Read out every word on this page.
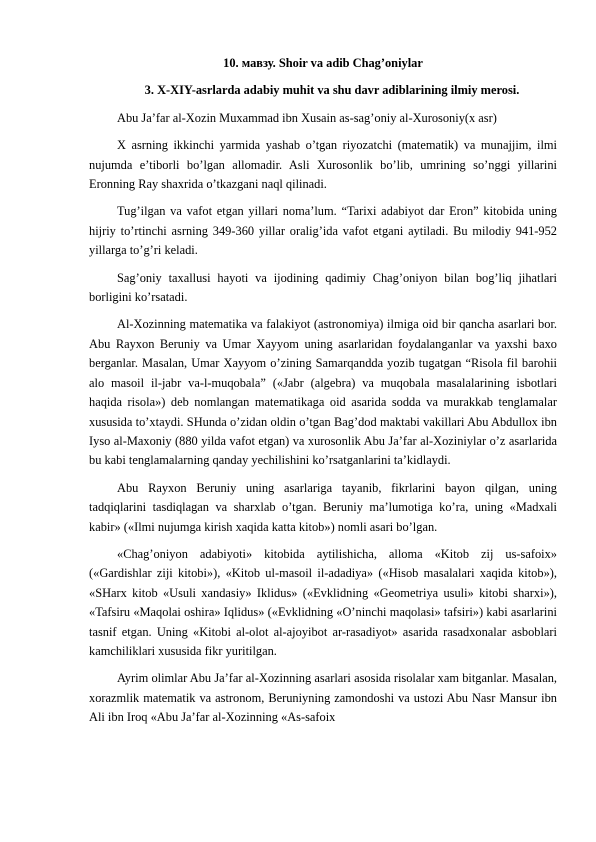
10. мавзу. Shoir va adib Chag’oniylar
3. X-XIY-asrlarda adabiy muhit va shu davr adiblarining ilmiy merosi.

Abu Ja’far al-Xozin Muxammad ibn Xusain as-sag’oniy al-Xurosoniy(x asr)

X asrning ikkinchi yarmida yashab o’tgan riyozatchi (matematik) va munajjim, ilmi nujumda e’tiborli bo’lgan allomadir. Asli Xurosonlik bo’lib, umrining so’nggi yillarini Eronning Ray shaxrida o’tkazgani naql qilinadi.

Tug’ilgan va vafot etgan yillari noma’lum. “Tarixi adabiyot dar Eron” kitobida uning hijriy to’rtinchi asrning 349-360 yillar oralig’ida vafot etgani aytiladi. Bu milodiy 941-952 yillarga to’g’ri keladi.

Sag’oniy taxallusi hayoti va ijodining qadimiy Chag’oniyon bilan bog’liq jihatlari borligini ko’rsatadi.

Al-Xozinning matematika va falakiyot (astronomiya) ilmiga oid bir qancha asarlari bor. Abu Rayxon Beruniy va Umar Xayyom uning asarlaridan foydalanganlar va yaxshi baxo berganlar. Masalan, Umar Xayyom o’zining Samarqandda yozib tugatgan “Risola fil barohii alo masoil il-jabr va-l-muqobala” («Jabr (algebra) va muqobala masalalarining isbotlari haqida risola») deb nomlangan matematikaga oid asarida sodda va murakkab tenglamalar xususida to’xtaydi. SHunda o’zidan oldin o’tgan Bag’dod maktabi vakillari Abu Abdullox ibn Iyso al-Maxoniy (880 yilda vafot etgan) va xurosonlik Abu Ja’far al-Xoziniylar o’z asarlarida bu kabi tenglamalarning qanday yechilishini ko’rsatganlarini ta’kidlaydi.

Abu Rayxon Beruniy uning asarlariga tayanib, fikrlarini bayon qilgan, uning tadqiqlarini tasdiqlagan va sharxlab o’tgan. Beruniy ma’lumotiga ko’ra, uning «Madxali kabir» («Ilmi nujumga kirish xaqida katta kitob») nomli asari bo’lgan.

«Chag’oniyon adabiyoti» kitobida aytilishicha, alloma «Kitob zij us-safoix» («Gardishlar ziji kitobi»), «Kitob ul-masoil il-adadiya» («Hisob masalalari xaqida kitob»), «SHarx kitob «Usuli xandasiy» Iklidus» («Evklidning «Geometriya usuli» kitobi sharxi»), «Tafsiru «Maqolai oshira» Iqlidus» («Evklidning «O’ninchi maqolasi» tafsiri») kabi asarlarini tasnif etgan. Uning «Kitobi al-olot al-ajoyibot ar-rasadiyot» asarida rasadxonalar asboblari kamchiliklari xususida fikr yuritilgan.

Ayrim olimlar Abu Ja’far al-Xozinning asarlari asosida risolalar xam bitganlar. Masalan, xorazmlik matematik va astronom, Beruniyning zamondoshi va ustozi Abu Nasr Mansur ibn Ali ibn Iroq «Abu Ja’far al-Xozinning «As-safoix
